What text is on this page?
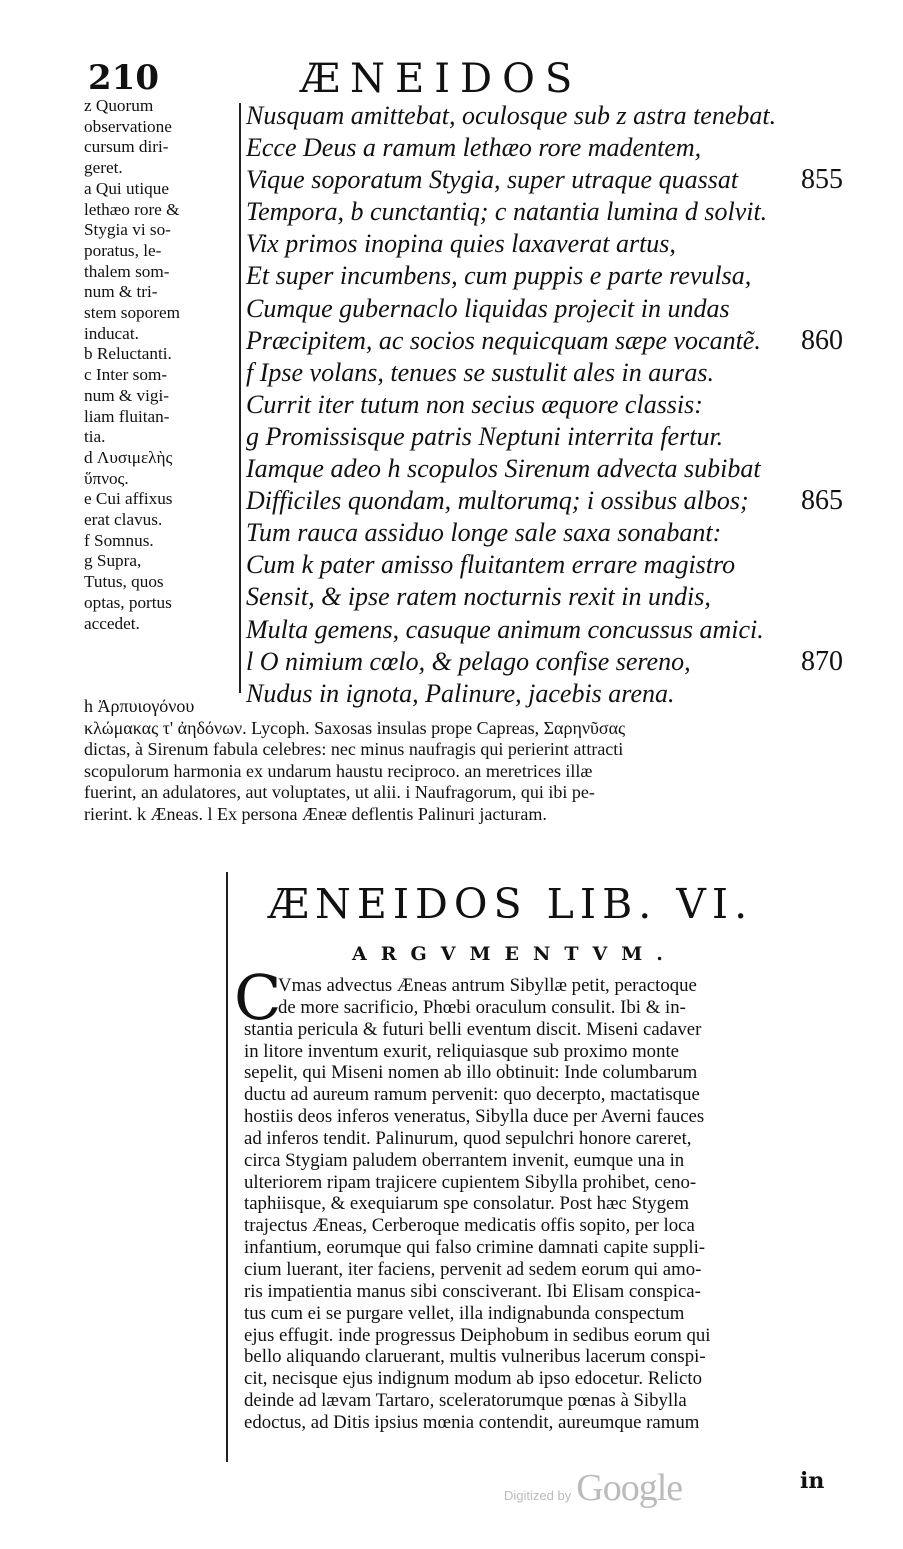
210	ÆNEIDOS
z Quorum
observatione
cursum diri-
geret.
a Qui utique
lethæo rore &
Stygia vi so-
poratus, le-
thalem som-
num & tri-
stem soporem
inducat.
b Reluctanti.
c Inter som-
num & vigi-
liam fluitan-
tia.
d Λυσιμελὴς
ὕπνος.
e Cui affixus
erat clavus.
f Somnus.
g Supra,
Tutus, quos
optas, portus
accedet.
Nusquam amittebat, oculosque sub z astra tenebat.
Ecce Deus a ramum lethæo rore madentem,
Vique soporatum Stygia, super utraque quassat 855
Tempora, b cunctantiq; c natantia lumina d solvit.
Vix primos inopina quies laxaverat artus,
Et super incumbens, cum puppis e parte revulsa,
Cumque gubernaclo liquidas projecit in undas
Præcipitem, ac socios nequicquam sæpe vocantẽ. 860
f Ipse volans, tenues se sustulit ales in auras.
Currit iter tutum non secius æquore classis:
g Promissisque patris Neptuni interrita fertur.
Iamque adeo h scopulos Sirenum advecta subibat
Difficiles quondam, multorumq; i ossibus albos; 865
Tum rauca assiduo longe sale saxa sonabant:
Cum k pater amisso fluitantem errare magistro
Sensit, & ipse ratem nocturnis rexit in undis,
Multa gemens, casuque animum concussus amici.
l O nimium cœlo, & pelago confise sereno,	870
Nudus in ignota, Palinure, jacebis arena.
h Ἀρπυιογόνου
κλώμακας τ' ἀηδόνων. Lycoph. Saxosas insulas prope Capreas, Σαρηνῦσας
dictas, à Sirenum fabula celebres: nec minus naufragis qui perierint attracti
scopulorum harmonia ex undarum haustu reciproco. an meretrices illæ
fuerint, an adulatores, aut voluptates, ut alii. i Naufragorum, qui ibi pe-
rierint. k Æneas. l Ex persona Æneæ deflentis Palinuri jacturam.
ÆNEIDOS LIB. VI.
ARGVMENTVM.
C
Vmas advectus Æneas antrum Sibyllæ petit, peractoque
de more sacrificio, Phœbi oraculum consulit. Ibi & in-
stantia pericula & futuri belli eventum discit. Miseni cadaver
in litore inventum exurit, reliquiasque sub proximo monte
sepelit, qui Miseni nomen ab illo obtinuit: Inde columbarum
ductu ad aureum ramum pervenit: quo decerpto, mactatisque
hostiis deos inferos veneratus, Sibylla duce per Averni fauces
ad inferos tendit. Palinurum, quod sepulchri honore careret,
circa Stygiam paludem oberrantem invenit, eumque una in
ulteriorem ripam trajicere cupientem Sibylla prohibet, ceno-
taphiisque, & exequiarum spe consolatur. Post hæc Stygem
trajectus Æneas, Cerberoque medicatis offis sopito, per loca
infantium, eorumque qui falso crimine damnati capite suppli-
cium luerant, iter faciens, pervenit ad sedem eorum qui amo-
ris impatientia manus sibi consciverant. Ibi Elisam conspica-
tus cum ei se purgare vellet, illa indignabunda conspectum
ejus effugit. inde progressus Deiphobum in sedibus eorum qui
bello aliquando claruerant, multis vulneribus lacerum conspi-
cit, necisque ejus indignum modum ab ipso edocetur. Relicto
deinde ad lævam Tartaro, sceleratorumque pœnas à Sibylla
edoctus, ad Ditis ipsius mœnia contendit, aureumque ramum
Digitized by Google	in
